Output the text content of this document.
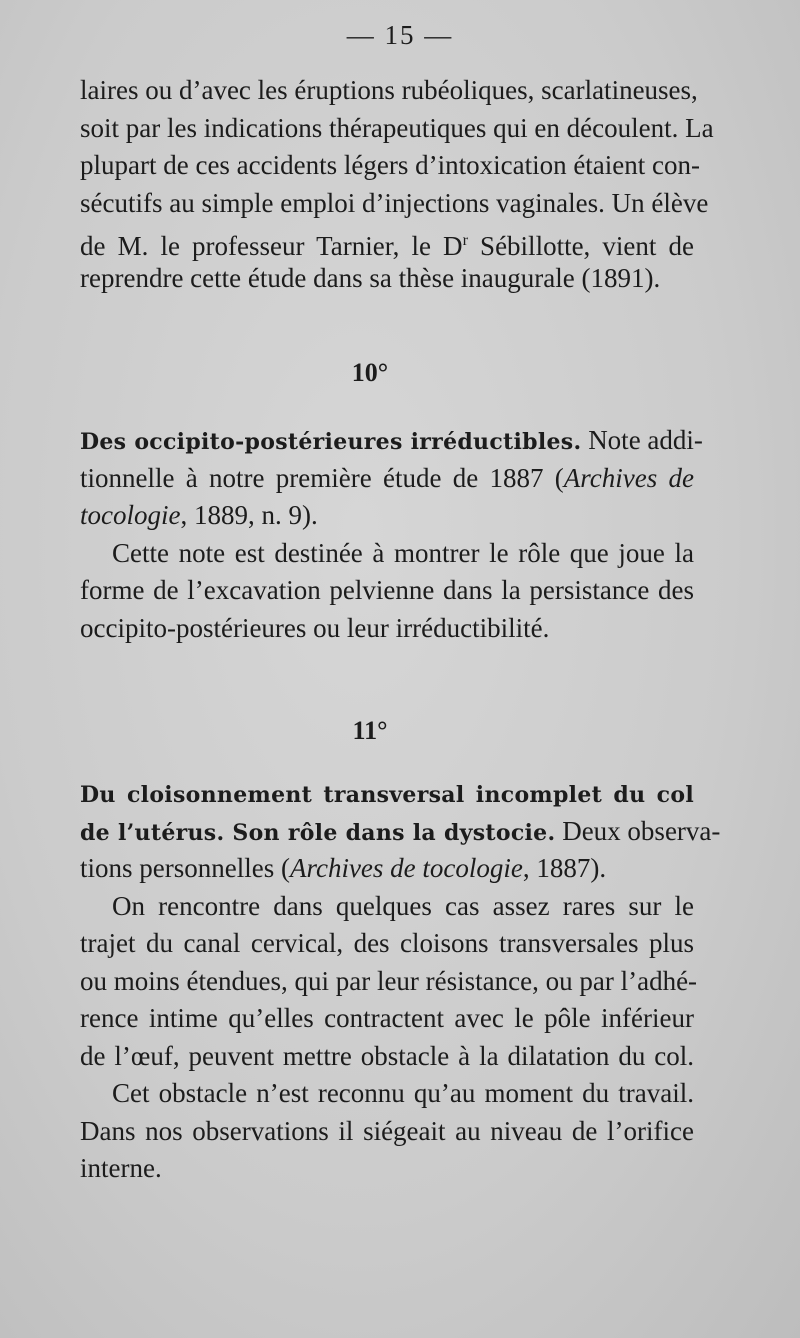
— 15 —
laires ou d’avec les éruptions rubéoliques, scarlatineuses,
soit par les indications thérapeutiques qui en découlent. La
plupart de ces accidents légers d’intoxication étaient con-
sécutifs au simple emploi d’injections vaginales. Un élève
de M. le professeur Tarnier, le $D^r$ Sébillotte, vient de
reprendre cette étude dans sa thèse inaugurale (1891).
10°
Des occipito-postérieures irréductibles. Note addi-
tionnelle à notre première étude de 1887 (Archives de
tocologie, 1889, n. 9).
Cette note est destinée à montrer le rôle que joue la
forme de l’excavation pelvienne dans la persistance des
occipito-postérieures ou leur irréductibilité.
11°
Du cloisonnement transversal incomplet du col
de l’utérus. Son rôle dans la dystocie. Deux observa-
tions personnelles (Archives de tocologie, 1887).
On rencontre dans quelques cas assez rares sur le
trajet du canal cervical, des cloisons transversales plus
ou moins étendues, qui par leur résistance, ou par l’adhé-
rence intime qu’elles contractent avec le pôle inférieur
de l’œuf, peuvent mettre obstacle à la dilatation du col.
Cet obstacle n’est reconnu qu’au moment du travail.
Dans nos observations il siégeait au niveau de l’orifice
interne.
